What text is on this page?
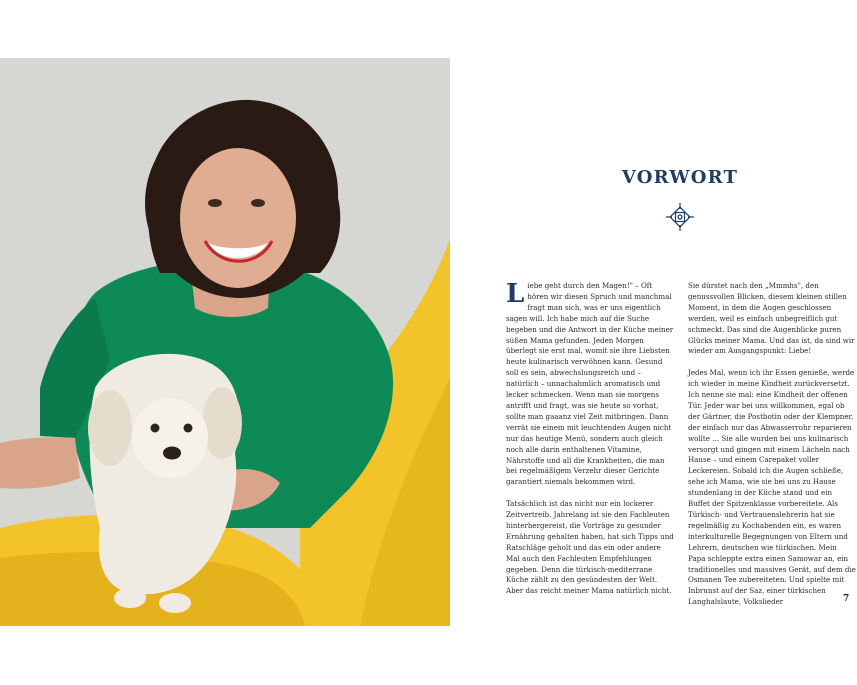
VORWORT

Liebe geht durch den Magen!" – Oft hören wir diesen Spruch und manchmal fragt man sich, was er uns eigentlich sagen will. Ich habe mich auf die Suche begeben und die Antwort in der Küche meiner süßen Mama gefunden. Jeden Morgen überlegt sie erst mal, womit sie ihre Liebsten heute kulinarisch verwöhnen kann. Gesund soll es sein, abwechslungsreich und – natürlich – unnachahmlich aromatisch und lecker schmecken. Wenn man sie morgens antrifft und fragt, was sie heute so vorhat, sollte man gaaanz viel Zeit mitbringen. Dann verrät sie einem mit leuchtenden Augen nicht nur das heutige Menü, sondern auch gleich noch alle darin enthaltenen Vitamine, Nährstoffe und all die Krankheiten, die man bei regelmäßigem Verzehr dieser Gerichte garantiert niemals bekommen wird.

Tatsächlich ist das nicht nur ein lockerer Zeitvertreib. Jahrelang ist sie den Fachleuten hinterhergereist, die Vorträge zu gesunder Ernährung gehalten haben, hat sich Tipps und Ratschläge geholt und das ein oder andere Mal auch den Fachleuten Empfehlungen gegeben. Denn die türkisch-mediterrane Küche zählt zu den gesündesten der Welt. Aber das reicht meiner Mama natürlich nicht.

Sie dürstet nach den „Mmmhs", den genussvollen Blicken, diesem kleinen stillen Moment, in dem die Augen geschlossen werden, weil es einfach unbegreiflich gut schmeckt. Das sind die Augenblicke puren Glücks meiner Mama. Und das ist, da sind wir wieder am Ausgangspunkt: Liebe!

Jedes Mal, wenn ich ihr Essen genieße, werde ich wieder in meine Kindheit zurückversetzt. Ich nenne sie mal: eine Kindheit der offenen Tür. Jeder war bei uns willkommen, egal ob der Gärtner, die Postbotin oder der Klempner, der einfach nur das Abwasserrohr reparieren wollte … Sie alle wurden bei uns kulinarisch versorgt und gingen mit einem Lächeln nach Hause – und einem Carepaket voller Leckereien. Sobald ich die Augen schließe, sehe ich Mama, wie sie bei uns zu Hause stundenlang in der Küche stand und ein Buffet der Spitzenklasse vorbereitete. Als Türkisch- und Vertrauenslehrerin hat sie regelmäßig zu Kochabenden ein, es waren interkulturelle Begegnungen von Eltern und Lehrern, deutschen wie türkischen. Mein Papa schleppte extra einen Samowar an, ein traditionelles und massives Gerät, auf dem die Osmanen Tee zubereiteten. Und spielte mit Inbrunst auf der Saz, einer türkischen Langhalslaute, Volkslieder	7
